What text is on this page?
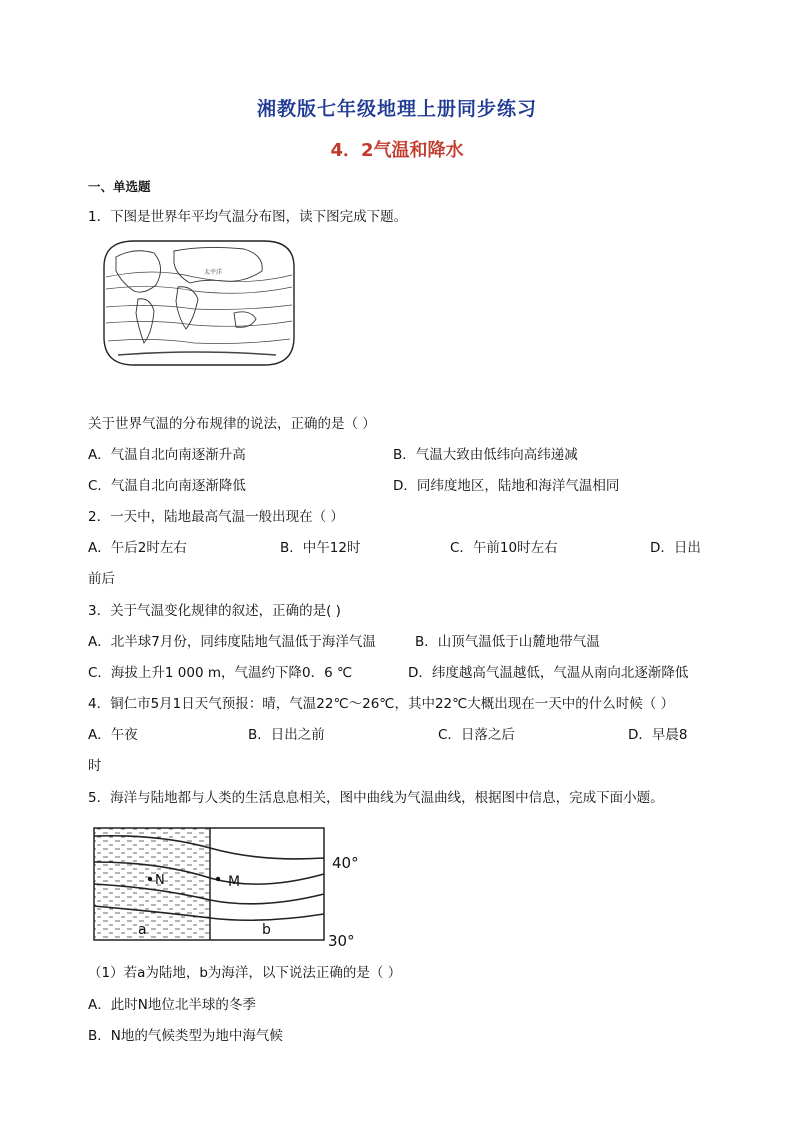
湘教版七年级地理上册同步练习
4．2气温和降水
一、单选题
1．下图是世界年平均气温分布图，读下图完成下题。
太平洋
关于世界气温的分布规律的说法，正确的是（ ）
A．气温自北向南逐渐升高	B．气温大致由低纬向高纬递减
C．气温自北向南逐渐降低	D．同纬度地区，陆地和海洋气温相同
2．一天中，陆地最高气温一般出现在（ ）
A．午后2时左右	B．中午12时	C．午前10时左右	D．日出
前后
3．关于气温变化规律的叙述，正确的是( )
A．北半球7月份，同纬度陆地气温低于海洋气温	B．山顶气温低于山麓地带气温
C．海拔上升1 000 m，气温约下降0．6 ℃	D．纬度越高气温越低，气温从南向北逐渐降低
4．铜仁市5月1日天气预报：晴，气温22℃～26℃，其中22℃大概出现在一天中的什么时候（ ）
A．午夜	B．日出之前	C．日落之后	D．早晨8
时
5．海洋与陆地都与人类的生活息息相关，图中曲线为气温曲线，根据图中信息，完成下面小题。
N	M
a	b
40°
30°
（1）若a为陆地，b为海洋，以下说法正确的是（ ）
A．此时N地位北半球的冬季
B．N地的气候类型为地中海气候
